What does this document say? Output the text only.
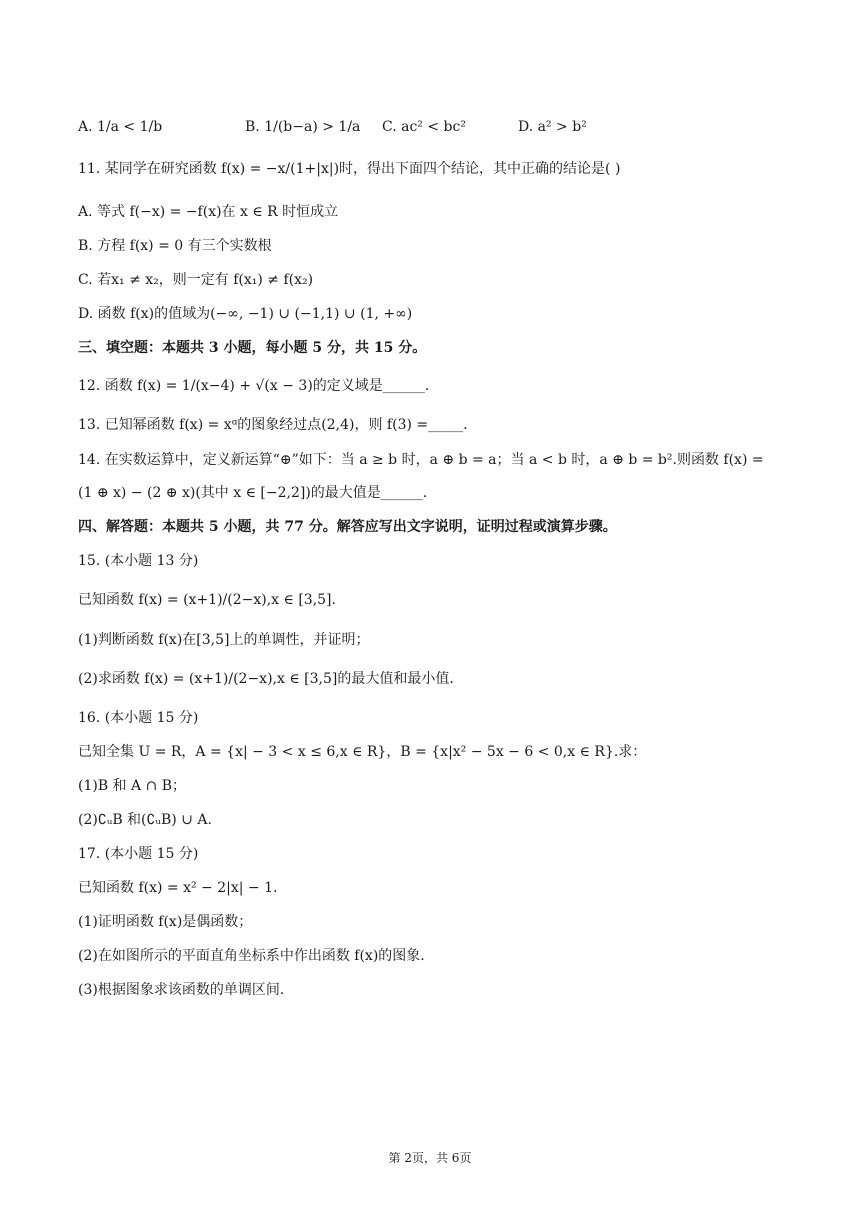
A. 1/a < 1/b	B. 1/(b−a) > 1/a C. ac² < bc²	D. a² > b²
11. 某同学在研究函数 f(x) = −x/(1+|x|)时，得出下面四个结论，其中正确的结论是( )
A. 等式 f(−x) = −f(x)在 x ∈ R 时恒成立
B. 方程 f(x) = 0 有三个实数根
C. 若x₁ ≠ x₂，则一定有 f(x₁) ≠ f(x₂)
D. 函数 f(x)的值域为(−∞, −1) ∪ (−1,1) ∪ (1, +∞)
三、填空题：本题共 3 小题，每小题 5 分，共 15 分。
12. 函数 f(x) = 1/(x−4) + √(x − 3)的定义域是______.
13. 已知幂函数 f(x) = xᵅ的图象经过点(2,4)，则 f(3) =_____.
14. 在实数运算中，定义新运算“⊕”如下：当 a ≥ b 时，a ⊕ b = a；当 a < b 时，a ⊕ b = b².则函数 f(x) =
(1 ⊕ x) − (2 ⊕ x)(其中 x ∈ [−2,2])的最大值是______.
四、解答题：本题共 5 小题，共 77 分。解答应写出文字说明，证明过程或演算步骤。
15. (本小题 13 分)
已知函数 f(x) = (x+1)/(2−x),x ∈ [3,5].
(1)判断函数 f(x)在[3,5]上的单调性，并证明；
(2)求函数 f(x) = (x+1)/(2−x),x ∈ [3,5]的最大值和最小值.
16. (本小题 15 分)
已知全集 U = R，A = {x| − 3 < x ≤ 6,x ∈ R}，B = {x|x² − 5x − 6 < 0,x ∈ R}.求：
(1)B 和 A ∩ B；
(2)∁ᵤB 和(∁ᵤB) ∪ A.
17. (本小题 15 分)
已知函数 f(x) = x² − 2|x| − 1.
(1)证明函数 f(x)是偶函数；
(2)在如图所示的平面直角坐标系中作出函数 f(x)的图象.
(3)根据图象求该函数的单调区间.
第 2页，共 6页
